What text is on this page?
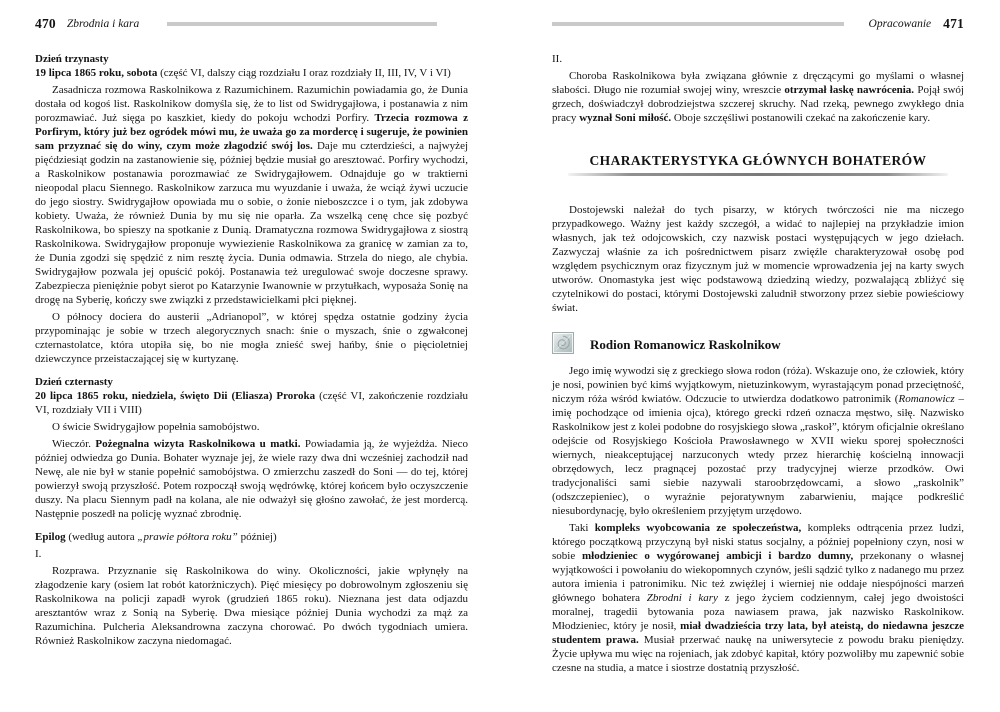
470 Zbrodnia i kara	Opracowanie 471
Dzień trzynasty
19 lipca 1865 roku, sobota (część VI, dalszy ciąg rozdziału I oraz rozdziały II, III, IV, V i VI)
Zasadnicza rozmowa Raskolnikowa z Razumichinem. Razumichin powiadamia go, że Dunia dostała od kogoś list. Raskolnikow domyśla się, że to list od Swidrygajłowa, i postanawia z nim porozmawiać. Już sięga po kaszkiet, kiedy do pokoju wchodzi Porfiry. Trzecia rozmowa z Porfirym, który już bez ogródek mówi mu, że uważa go za mordercę i sugeruje, że powinien sam przyznać się do winy, czym może złagodzić swój los. Daje mu czterdzieści, a najwyżej pięćdziesiąt godzin na zastanowienie się, później będzie musiał go aresztować. Porfiry wychodzi, a Raskolnikow postanawia porozmawiać ze Swidrygajłowem. Odnajduje go w traktierni nieopodal placu Siennego. Raskolnikow zarzuca mu wyuzdanie i uważa, że wciąż żywi uczucie do jego siostry. Swidrygajłow opowiada mu o sobie, o żonie nieboszczce i o tym, jak zdobywa kobiety. Uważa, że również Dunia by mu się nie oparła. Za wszelką cenę chce się pozbyć Raskolnikowa, bo spieszy na spotkanie z Dunią. Dramatyczna rozmowa Swidrygajłowa z siostrą Raskolnikowa. Swidrygajłow proponuje wywiezienie Raskolnikowa za granicę w zamian za to, że Dunia zgodzi się spędzić z nim resztę życia. Dunia odmawia. Strzela do niego, ale chybia. Swidrygajłow pozwala jej opuścić pokój. Postanawia też uregulować swoje doczesne sprawy. Zabezpiecza pieniężnie pobyt sierot po Katarzynie Iwanownie w przytułkach, wyposaża Sonię na drogę na Syberię, kończy swe związki z przedstawicielkami płci pięknej.
O północy dociera do austerii „Adrianopol”, w której spędza ostatnie godziny życia przypominając je sobie w trzech alegorycznych snach: śnie o myszach, śnie o zgwałconej czternastolatce, która utopiła się, bo nie mogła znieść swej hańby, śnie o pięcioletniej dziewczynce przeistaczającej się w kurtyzanę.
Dzień czternasty
20 lipca 1865 roku, niedziela, święto Dii (Eliasza) Proroka (część VI, zakończenie rozdziału VI, rozdziały VII i VIII)
O świcie Swidrygajłow popełnia samobójstwo.
Wieczór. Pożegnalna wizyta Raskolnikowa u matki. Powiadamia ją, że wyjeżdża. Nieco później odwiedza go Dunia. Bohater wyznaje jej, że wiele razy dwa dni wcześniej zachodził nad Newę, ale nie był w stanie popełnić samobójstwa. O zmierzchu zaszedł do Soni — do tej, której powierzył swoją przyszłość. Potem rozpoczął swoją wędrówkę, której końcem było oczyszczenie duszy. Na placu Siennym padł na kolana, ale nie odważył się głośno zawołać, że jest mordercą. Następnie poszedł na policję wyznać zbrodnię.
Epilog (według autora „prawie półtora roku” później)
I.
Rozprawa. Przyznanie się Raskolnikowa do winy. Okoliczności, jakie wpłynęły na złagodzenie kary (osiem lat robót katorżniczych). Pięć miesięcy po dobrowolnym zgłoszeniu się Raskolnikowa na policji zapadł wyrok (grudzień 1865 roku). Nieznana jest data odjazdu aresztantów wraz z Sonią na Syberię. Dwa miesiące później Dunia wychodzi za mąż za Razumichina. Pulcheria Aleksandrowna zaczyna chorować. Po dwóch tygodniach umiera. Również Raskolnikow zaczyna niedomagać.
II.
Choroba Raskolnikowa była związana głównie z dręczącymi go myślami o własnej słabości. Długo nie rozumiał swojej winy, wreszcie otrzymał łaskę nawrócenia. Pojął swój grzech, doświadczył dobrodziejstwa szczerej skruchy. Nad rzeką, pewnego zwykłego dnia pracy wyznał Soni miłość. Oboje szczęśliwi postanowili czekać na zakończenie kary.
CHARAKTERYSTYKA GŁÓWNYCH BOHATERÓW
Dostojewski należał do tych pisarzy, w których twórczości nie ma niczego przypadkowego. Ważny jest każdy szczegół, a widać to najlepiej na przykładzie imion własnych, jak też odojcowskich, czy nazwisk postaci występujących w jego dziełach. Zazwyczaj właśnie za ich pośrednictwem pisarz zwięźle charakteryzował osobę pod względem psychicznym oraz fizycznym już w momencie wprowadzenia jej na karty swych utworów. Onomastyka jest więc podstawową dziedziną wiedzy, pozwalającą zbliżyć się czytelnikowi do postaci, którymi Dostojewski zaludnił stworzony przez siebie powieściowy świat.
Rodion Romanowicz Raskolnikow
Jego imię wywodzi się z greckiego słowa rodon (róża). Wskazuje ono, że człowiek, który je nosi, powinien być kimś wyjątkowym, nietuzinkowym, wyrastającym ponad przeciętność, niczym róża wśród kwiatów. Odczucie to utwierdza dodatkowo patronimik (Romanowicz – imię pochodzące od imienia ojca), którego grecki rdzeń oznacza męstwo, siłę. Nazwisko Raskolnikow jest z kolei podobne do rosyjskiego słowa „raskoł”, którym oficjalnie określano odejście od Rosyjskiego Kościoła Prawosławnego w XVII wieku sporej społeczności wiernych, nieakceptującej narzuconych wtedy przez hierarchię kościelną innowacji obrzędowych, lecz pragnącej pozostać przy tradycyjnej wierze przodków. Owi tradycjonaliści sami siebie nazywali staroobrzędowcami, a słowo „raskolnik” (odszczepieniec), o wyraźnie pejoratywnym zabarwieniu, mające podkreślić niesubordynację, było określeniem przyjętym urzędowo.
Taki kompleks wyobcowania ze społeczeństwa, kompleks odtrącenia przez ludzi, którego początkową przyczyną był niski status socjalny, a później popełniony czyn, nosi w sobie młodzieniec o wygórowanej ambicji i bardzo dumny, przekonany o własnej wyjątkowości i powołaniu do wiekopomnych czynów, jeśli sądzić tylko z nadanego mu przez autora imienia i patronimiku. Nic też zwięźlej i wierniej nie oddaje niespójności marzeń głównego bohatera Zbrodni i kary z jego życiem codziennym, całej jego dwoistości moralnej, tragedii bytowania poza nawiasem prawa, jak nazwisko Raskolnikow. Młodzieniec, który je nosił, miał dwadzieścia trzy lata, był ateistą, do niedawna jeszcze studentem prawa. Musiał przerwać naukę na uniwersytecie z powodu braku pieniędzy. Życie upływa mu więc na rojeniach, jak zdobyć kapitał, który pozwoliłby mu zapewnić sobie czesne na studia, a matce i siostrze dostatnią przyszłość.
